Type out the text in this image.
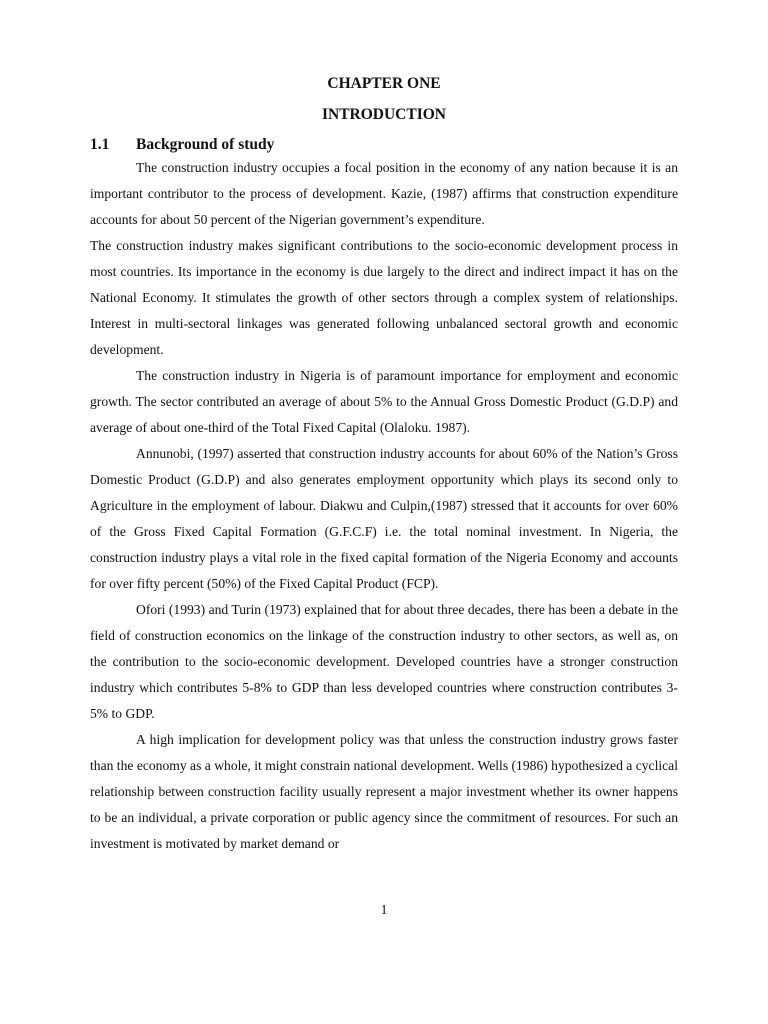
CHAPTER ONE
INTRODUCTION
1.1	Background of study

The construction industry occupies a focal position in the economy of any nation because it is an important contributor to the process of development. Kazie, (1987) affirms that construction expenditure accounts for about 50 percent of the Nigerian government’s expenditure.

The construction industry makes significant contributions to the socio-economic development process in most countries. Its importance in the economy is due largely to the direct and indirect impact it has on the National Economy. It stimulates the growth of other sectors through a complex system of relationships. Interest in multi-sectoral linkages was generated following unbalanced sectoral growth and economic development.

The construction industry in Nigeria is of paramount importance for employment and economic growth. The sector contributed an average of about 5% to the Annual Gross Domestic Product (G.D.P) and average of about one-third of the Total Fixed Capital (Olaloku. 1987).

Annunobi, (1997) asserted that construction industry accounts for about 60% of the Nation’s Gross Domestic Product (G.D.P) and also generates employment opportunity which plays its second only to Agriculture in the employment of labour. Diakwu and Culpin,(1987) stressed that it accounts for over 60% of the Gross Fixed Capital Formation (G.F.C.F) i.e. the total nominal investment. In Nigeria, the construction industry plays a vital role in the fixed capital formation of the Nigeria Economy and accounts for over fifty percent (50%) of the Fixed Capital Product (FCP).

Ofori (1993) and Turin (1973) explained that for about three decades, there has been a debate in the field of construction economics on the linkage of the construction industry to other sectors, as well as, on the contribution to the socio-economic development. Developed countries have a stronger construction industry which contributes 5-8% to GDP than less developed countries where construction contributes 3-5% to GDP.

A high implication for development policy was that unless the construction industry grows faster than the economy as a whole, it might constrain national development. Wells (1986) hypothesized a cyclical relationship between construction facility usually represent a major investment whether its owner happens to be an individual, a private corporation or public agency since the commitment of resources. For such an investment is motivated by market demand or

1
